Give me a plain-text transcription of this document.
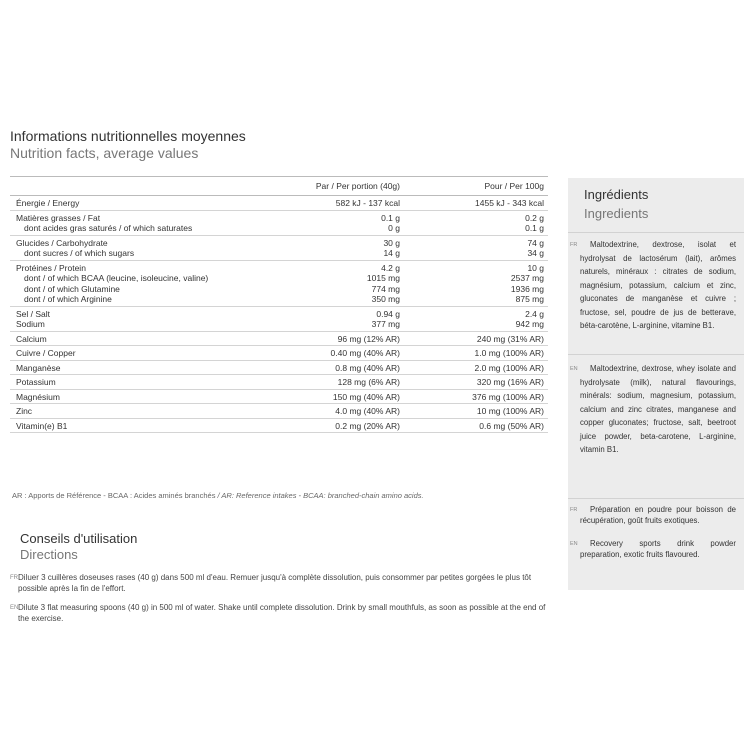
Informations nutritionnelles moyennes
Nutrition facts, average values
Par / Per portion (40g)	Pour / Per 100g
Énergie / Energy	582 kJ - 137 kcal	1455 kJ - 343 kcal
Matières grasses / Fat	0.1 g	0.2 g
dont acides gras saturés / of which saturates	0 g	0.1 g
Glucides / Carbohydrate	30 g	74 g
dont sucres / of which sugars	14 g	34 g
Protéines / Protein	4.2 g	10 g
dont / of which BCAA (leucine, isoleucine, valine)	1015 mg	2537 mg
dont / of which Glutamine	774 mg	1936 mg
dont / of which Arginine	350 mg	875 mg
Sel / Salt	0.94 g	2.4 g
Sodium	377 mg	942 mg
Calcium	96 mg (12% AR)	240 mg (31% AR)
Cuivre / Copper	0.40 mg (40% AR)	1.0 mg (100% AR)
Manganèse	0.8 mg (40% AR)	2.0 mg (100% AR)
Potassium	128 mg (6% AR)	320 mg (16% AR)
Magnésium	150 mg (40% AR)	376 mg (100% AR)
Zinc	4.0 mg (40% AR)	10 mg (100% AR)
Vitamin(e) B1	0.2 mg (20% AR)	0.6 mg (50% AR)
AR : Apports de Référence - BCAA : Acides aminés branchés / AR: Reference intakes - BCAA: branched-chain amino acids.
Conseils d'utilisation
Directions
FR Diluer 3 cuillères doseuses rases (40 g) dans 500 ml d'eau. Remuer jusqu'à complète dissolution, puis consommer par petites gorgées le plus tôt possible après la fin de l'effort.
EN Dilute 3 flat measuring spoons (40 g) in 500 ml of water. Shake until complete dissolution. Drink by small mouthfuls, as soon as possible at the end of the exercise.
Ingrédients
Ingredients
FR Maltodextrine, dextrose, isolat et hydrolysat de lactosérum (lait), arômes naturels, minéraux : citrates de sodium, magnésium, potassium, calcium et zinc, gluconates de manganèse et cuivre ; fructose, sel, poudre de jus de betterave, béta-carotène, L-arginine, vitamine B1.
EN Maltodextrine, dextrose, whey isolate and hydrolysate (milk), natural flavourings, minérals: sodium, magnesium, potassium, calcium and zinc citrates, manganese and copper gluconates; fructose, salt, beetroot juice powder, beta-carotene, L-arginine, vitamin B1.
FR Préparation en poudre pour boisson de récupération, goût fruits exotiques.
EN Recovery sports drink powder preparation, exotic fruits flavoured.
